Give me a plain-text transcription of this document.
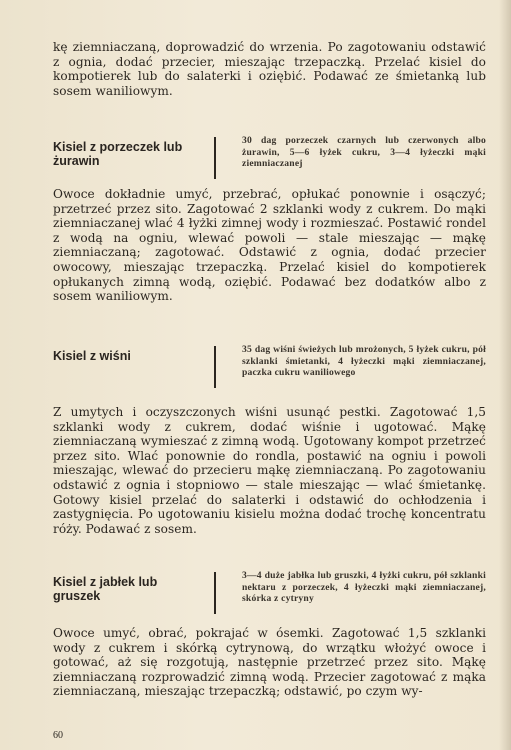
kę ziemniaczaną, doprowadzić do wrzenia. Po zagotowaniu odstawić z ognia, dodać przecier, mieszając trzepaczką. Przelać kisiel do kompotierek lub do salaterki i oziębić. Podawać ze śmietanką lub sosem waniliowym.

Kisiel z porzeczek lub żurawin
30 dag porzeczek czarnych lub czerwonych albo żurawin, 5—6 łyżek cukru, 3—4 łyżeczki mąki ziemniaczanej

Owoce dokładnie umyć, przebrać, opłukać ponownie i osączyć; przetrzeć przez sito. Zagotować 2 szklanki wody z cukrem. Do mąki ziemniaczanej wlać 4 łyżki zimnej wody i rozmieszać. Postawić rondel z wodą na ogniu, wlewać powoli — stale mieszając — mąkę ziemniaczaną; zagotować. Odstawić z ognia, dodać przecier owocowy, mieszając trzepaczką. Przelać kisiel do kompotierek opłukanych zimną wodą, oziębić. Podawać bez dodatków albo z sosem waniliowym.

Kisiel z wiśni	35 dag wiśni świeżych lub mrożonych, 5 łyżek cukru, pół szklanki śmietanki, 4 łyżeczki mąki ziemniaczanej, paczka cukru waniliowego

Z umytych i oczyszczonych wiśni usunąć pestki. Zagotować 1,5 szklanki wody z cukrem, dodać wiśnie i ugotować. Mąkę ziemniaczaną wymieszać z zimną wodą. Ugotowany kompot przetrzeć przez sito. Wlać ponownie do rondla, postawić na ogniu i powoli mieszając, wlewać do przecieru mąkę ziemniaczaną. Po zagotowaniu odstawić z ognia i stopniowo — stale mieszając — wlać śmietankę. Gotowy kisiel przelać do salaterki i odstawić do ochłodzenia i zastygnięcia. Po ugotowaniu kisielu można dodać trochę koncentratu róży. Podawać z sosem.

Kisiel z jabłek lub gruszek
3—4 duże jabłka lub gruszki, 4 łyżki cukru, pół szklanki nektaru z porzeczek, 4 łyżeczki mąki ziemniaczanej, skórka z cytryny

Owoce umyć, obrać, pokrajać w ósemki. Zagotować 1,5 szklanki wody z cukrem i skórką cytrynową, do wrzątku włożyć owoce i gotować, aż się rozgotują, następnie przetrzeć przez sito. Mąkę ziemniaczaną rozprowadzić zimną wodą. Przecier zagotować z mąka ziemniaczaną, mieszając trzepaczką; odstawić, po czym wy-

60
